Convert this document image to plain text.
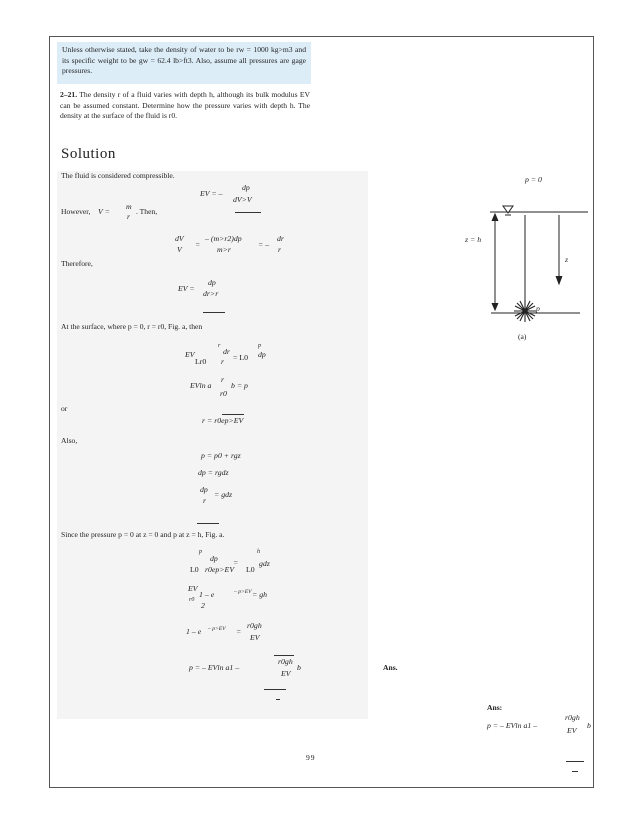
Unless otherwise stated, take the density of water to be rw = 1000 kg>m3 and its specific weight to be gw = 62.4 lb>ft3. Also, assume all pressures are gage pressures.
2–21. The density r of a fluid varies with depth h, although its bulk modulus EV can be assumed constant. Determine how the pressure varies with depth h. The density at the surface of the fluid is r0.
Solution
The fluid is considered compressible.
EV = –
dp
dV>V
However, V =
m
r
. Then,
dV
V
=
– (m>r2)dp
m>r
= –
dr
r
Therefore,
EV =
dp
dr>r
At the surface, where p = 0, r = r0, Fig. a, then
r
EV	dr
Lr0 r
p
= L0 dp
EVln a
r
r0
b = p
or
r = r0ep>EV
Also,
p = p0 + rgz
dp = rgdz
dp
r
= gdz
Since the pressure p = 0 at z = 0 and p at z = h, Fig. a.
p
dp
L0 r0ep>EV
=
h
L0
gdz
EV
r0
1 – e	– p>EV = gh
2
1 – e – p>EV =
r0gh
EV
p = – EVln a1 –
r0gh
EV
b	Ans.
Ans:
p = – EVln a1 –
r0gh
EV
b
p = 0
z = h
z
p
(a)
99
